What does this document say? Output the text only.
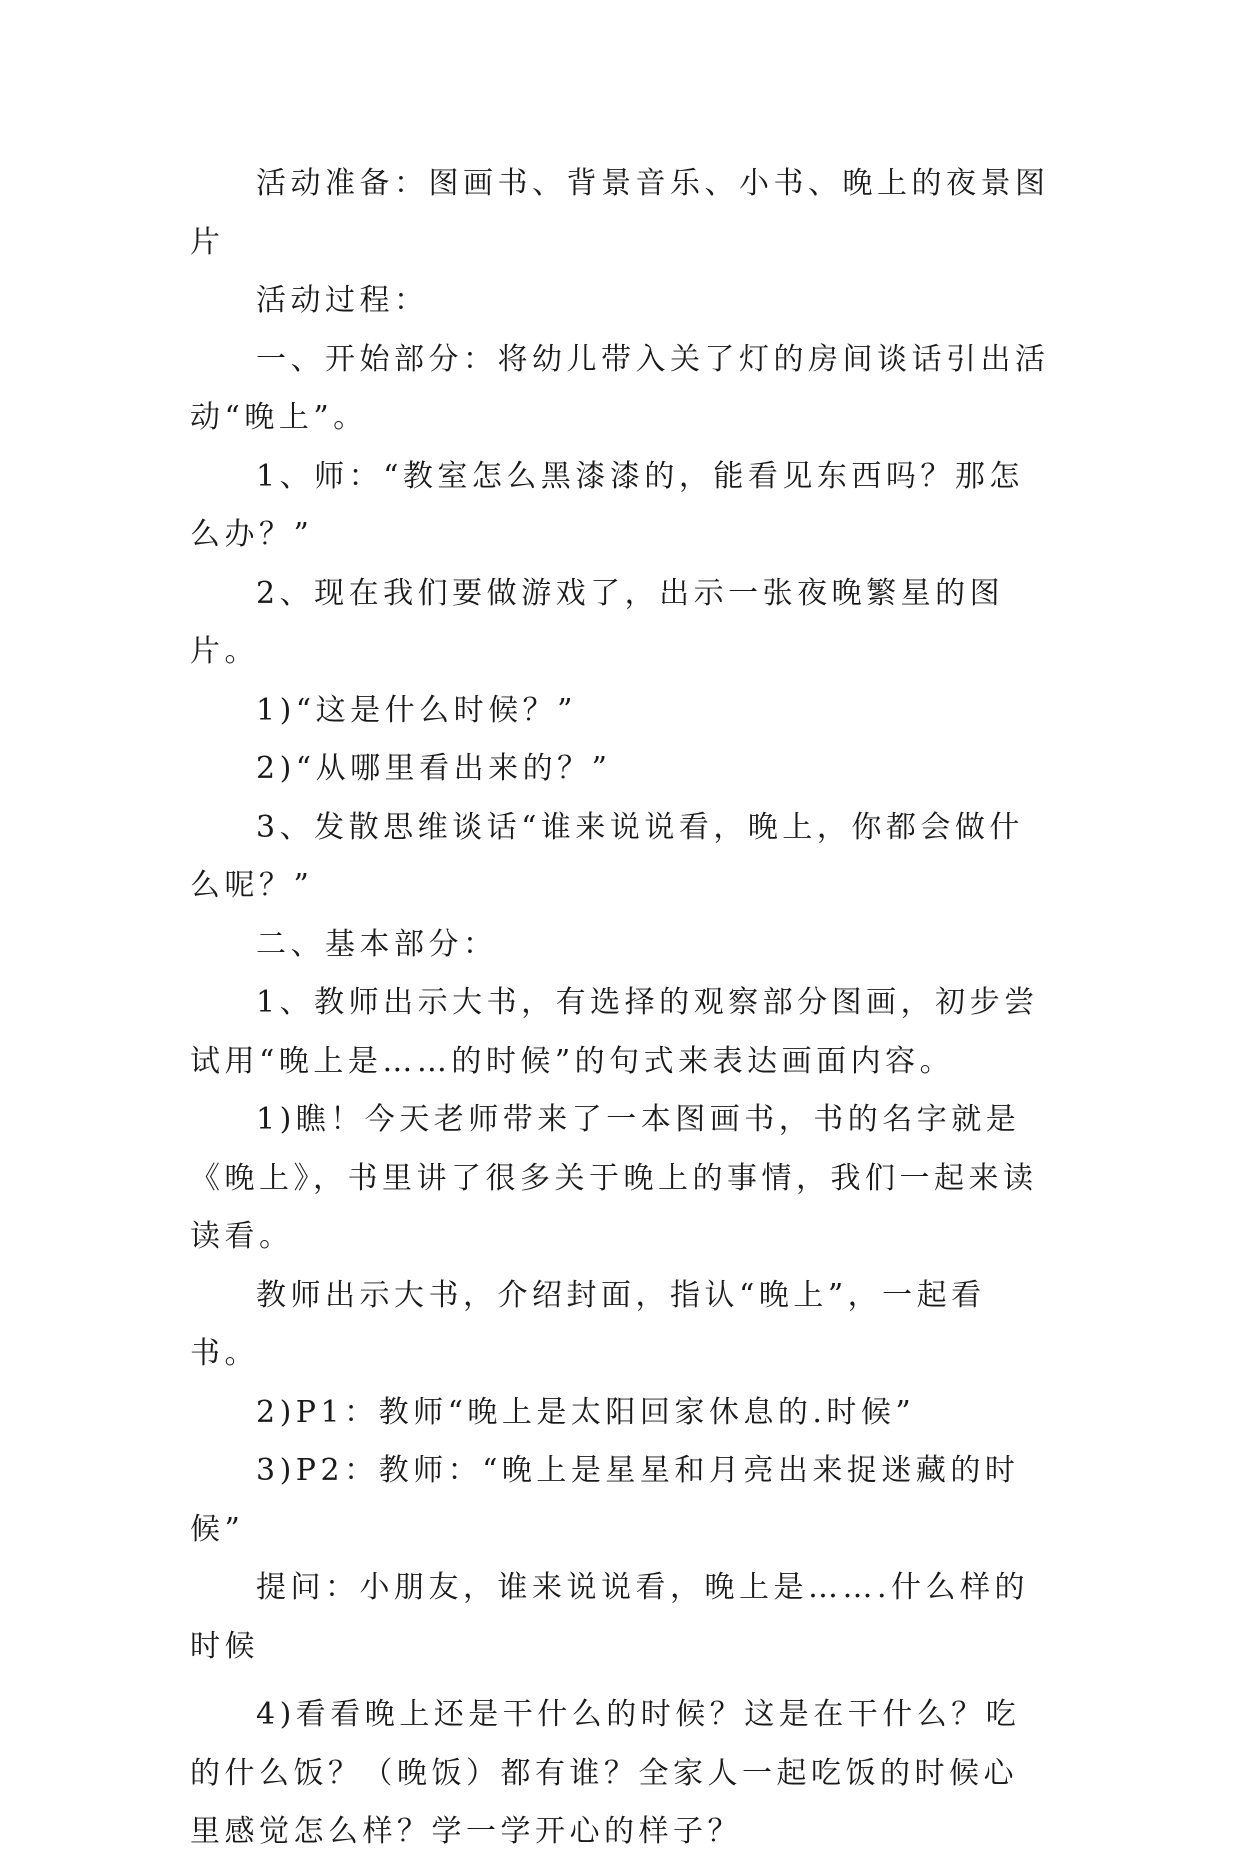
活动准备：图画书、背景音乐、小书、晚上的夜景图片

活动过程：

一、开始部分：将幼儿带入关了灯的房间谈话引出活动“晚上”。

1、师：“教室怎么黑漆漆的，能看见东西吗？那怎么办？”

2、现在我们要做游戏了，出示一张夜晚繁星的图片。

1)“这是什么时候？”

2)“从哪里看出来的？”

3、发散思维谈话“谁来说说看，晚上，你都会做什么呢？”

二、基本部分：

1、教师出示大书，有选择的观察部分图画，初步尝试用“晚上是……的时候”的句式来表达画面内容。

1)瞧！今天老师带来了一本图画书，书的名字就是《晚上》，书里讲了很多关于晚上的事情，我们一起来读读看。

教师出示大书，介绍封面，指认“晚上”，一起看书。

2)P1：教师“晚上是太阳回家休息的.时候”

3)P2：教师：“晚上是星星和月亮出来捉迷藏的时候”

提问：小朋友，谁来说说看，晚上是…….什么样的时候

4)看看晚上还是干什么的时候？这是在干什么？吃的什么饭？（晚饭）都有谁？全家人一起吃饭的时候心里感觉怎么样？学一学开心的样子？
